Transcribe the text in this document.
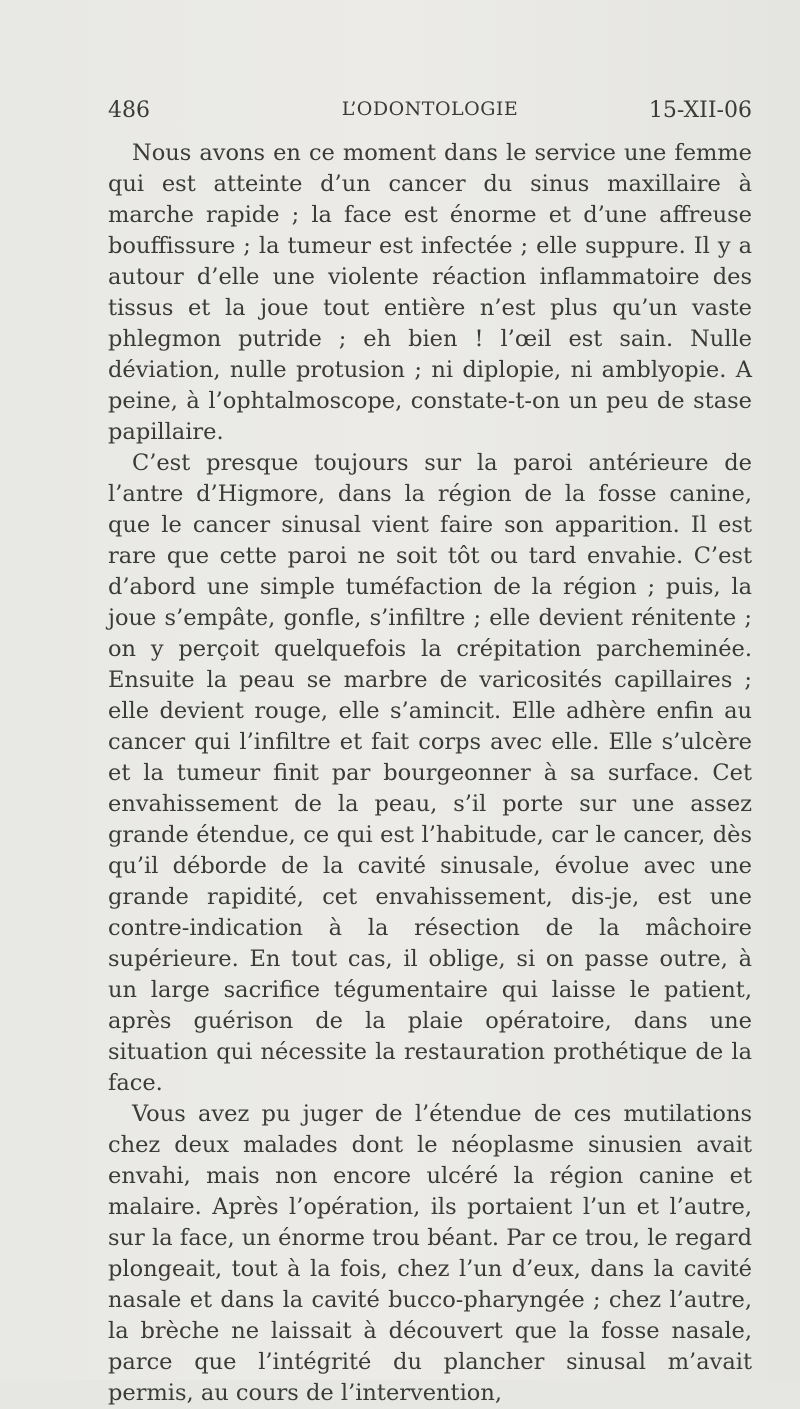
486	L’ODONTOLOGIE	15-XII-06

Nous avons en ce moment dans le service une femme qui est atteinte d’un cancer du sinus maxillaire à marche rapide ; la face est énorme et d’une affreuse bouffissure ; la tumeur est infectée ; elle suppure. Il y a autour d’elle une violente réaction inflammatoire des tissus et la joue tout entière n’est plus qu’un vaste phlegmon putride ; eh bien ! l’œil est sain. Nulle déviation, nulle protusion ; ni diplopie, ni amblyopie. A peine, à l’ophtalmoscope, constate-t-on un peu de stase papillaire.

C’est presque toujours sur la paroi antérieure de l’antre d’Higmore, dans la région de la fosse canine, que le cancer sinusal vient faire son apparition. Il est rare que cette paroi ne soit tôt ou tard envahie. C’est d’abord une simple tuméfaction de la région ; puis, la joue s’empâte, gonfle, s’infiltre ; elle devient rénitente ; on y perçoit quelquefois la crépitation parcheminée. Ensuite la peau se marbre de varicosités capillaires ; elle devient rouge, elle s’amincit. Elle adhère enfin au cancer qui l’infiltre et fait corps avec elle. Elle s’ulcère et la tumeur finit par bourgeonner à sa surface. Cet envahissement de la peau, s’il porte sur une assez grande étendue, ce qui est l’habitude, car le cancer, dès qu’il déborde de la cavité sinusale, évolue avec une grande rapidité, cet envahissement, dis-je, est une contre-indication à la résection de la mâchoire supérieure. En tout cas, il oblige, si on passe outre, à un large sacrifice tégumentaire qui laisse le patient, après guérison de la plaie opératoire, dans une situation qui nécessite la restauration prothétique de la face.

Vous avez pu juger de l’étendue de ces mutilations chez deux malades dont le néoplasme sinusien avait envahi, mais non encore ulcéré la région canine et malaire. Après l’opération, ils portaient l’un et l’autre, sur la face, un énorme trou béant. Par ce trou, le regard plongeait, tout à la fois, chez l’un d’eux, dans la cavité nasale et dans la cavité bucco-pharyngée ; chez l’autre, la brèche ne laissait à découvert que la fosse nasale, parce que l’intégrité du plancher sinusal m’avait permis, au cours de l’intervention,
